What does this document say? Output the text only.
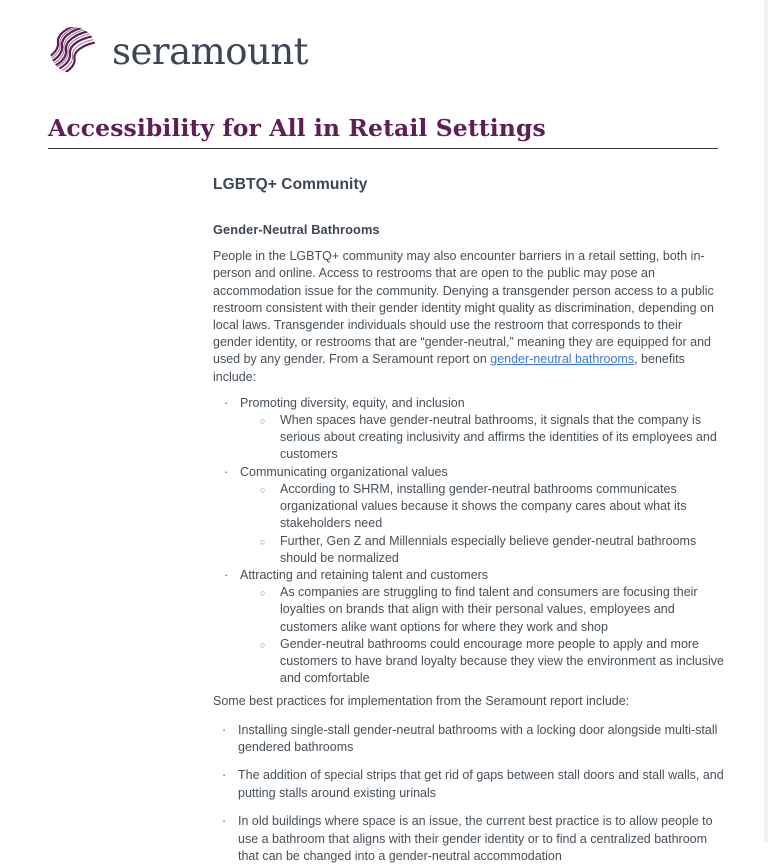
seramount
Accessibility for All in Retail Settings
LGBTQ+ Community
Gender-Neutral Bathrooms

People in the LGBTQ+ community may also encounter barriers in a retail setting, both in-person and online. Access to restrooms that are open to the public may pose an accommodation issue for the community. Denying a transgender person access to a public restroom consistent with their gender identity might quality as discrimination, depending on local laws. Transgender individuals should use the restroom that corresponds to their gender identity, or restrooms that are “gender-neutral,” meaning they are equipped for and used by any gender. From a Seramount report on gender-neutral bathrooms, benefits include:

· Promoting diversity, equity, and inclusion
○ When spaces have gender-neutral bathrooms, it signals that the company is serious about creating inclusivity and affirms the identities of its employees and customers
· Communicating organizational values
○ According to SHRM, installing gender-neutral bathrooms communicates organizational values because it shows the company cares about what its stakeholders need
○ Further, Gen Z and Millennials especially believe gender-neutral bathrooms should be normalized
· Attracting and retaining talent and customers
○ As companies are struggling to find talent and consumers are focusing their loyalties on brands that align with their personal values, employees and customers alike want options for where they work and shop
○ Gender-neutral bathrooms could encourage more people to apply and more customers to have brand loyalty because they view the environment as inclusive and comfortable

Some best practices for implementation from the Seramount report include:

· Installing single-stall gender-neutral bathrooms with a locking door alongside multi-stall gendered bathrooms
· The addition of special strips that get rid of gaps between stall doors and stall walls, and putting stalls around existing urinals
· In old buildings where space is an issue, the current best practice is to allow people to use a bathroom that aligns with their gender identity or to find a centralized bathroom that can be changed into a gender-neutral accommodation
